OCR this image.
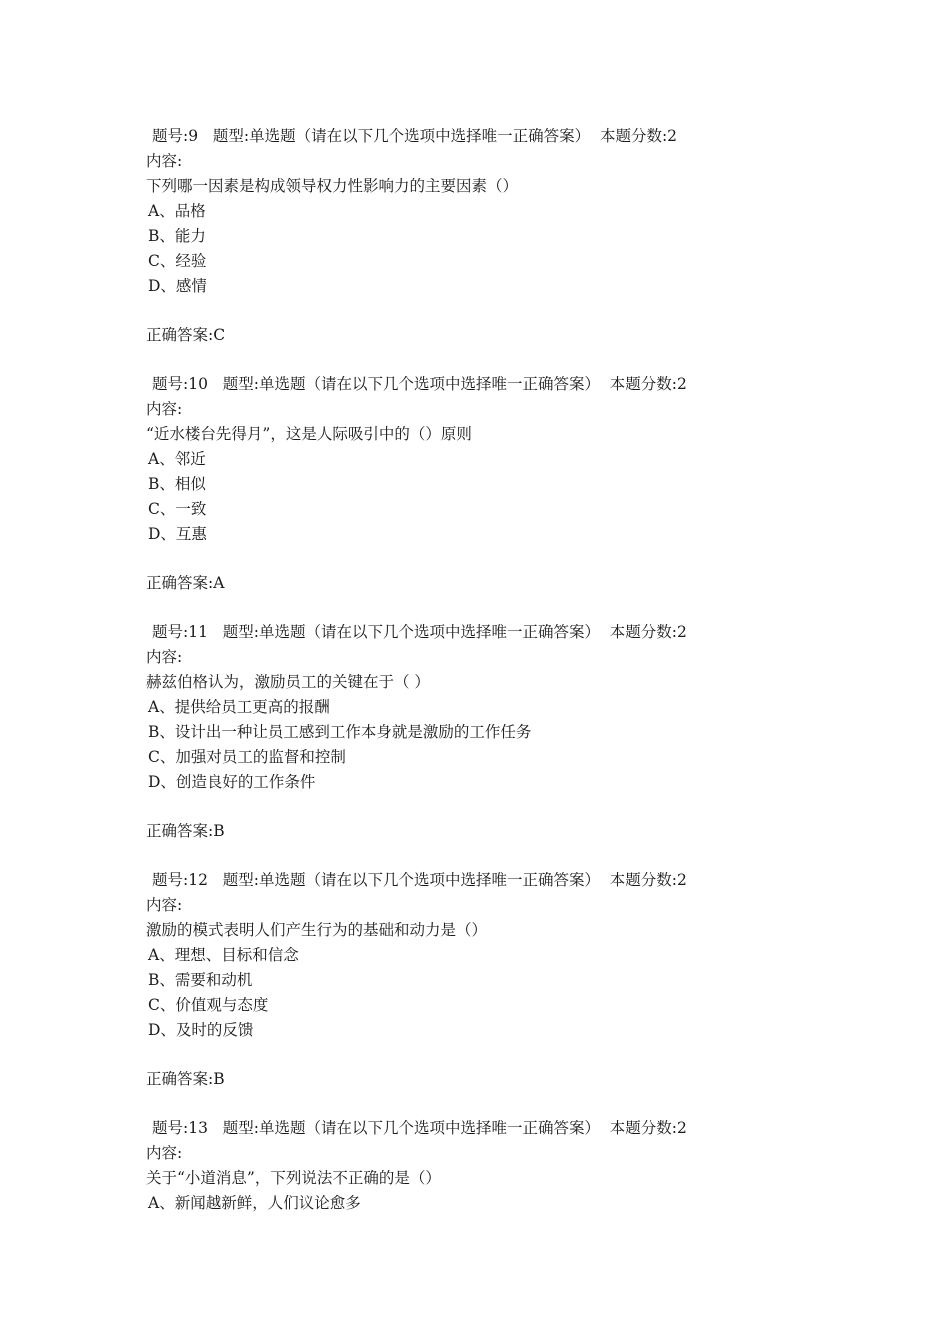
题号:9   题型:单选题（请在以下几个选项中选择唯一正确答案）  本题分数:2
内容:
下列哪一因素是构成领导权力性影响力的主要因素（）
A、品格
B、能力
C、经验
D、感情
正确答案:C
题号:10   题型:单选题（请在以下几个选项中选择唯一正确答案）  本题分数:2
内容:
“近水楼台先得月”，这是人际吸引中的（）原则
A、邻近
B、相似
C、一致
D、互惠
正确答案:A
题号:11   题型:单选题（请在以下几个选项中选择唯一正确答案）  本题分数:2
内容:
赫兹伯格认为，激励员工的关键在于（ ）
A、提供给员工更高的报酬
B、设计出一种让员工感到工作本身就是激励的工作任务
C、加强对员工的监督和控制
D、创造良好的工作条件
正确答案:B
题号:12   题型:单选题（请在以下几个选项中选择唯一正确答案）  本题分数:2
内容:
激励的模式表明人们产生行为的基础和动力是（）
A、理想、目标和信念
B、需要和动机
C、价值观与态度
D、及时的反馈
正确答案:B
题号:13   题型:单选题（请在以下几个选项中选择唯一正确答案）  本题分数:2
内容:
关于“小道消息”，下列说法不正确的是（）
A、新闻越新鲜，人们议论愈多
